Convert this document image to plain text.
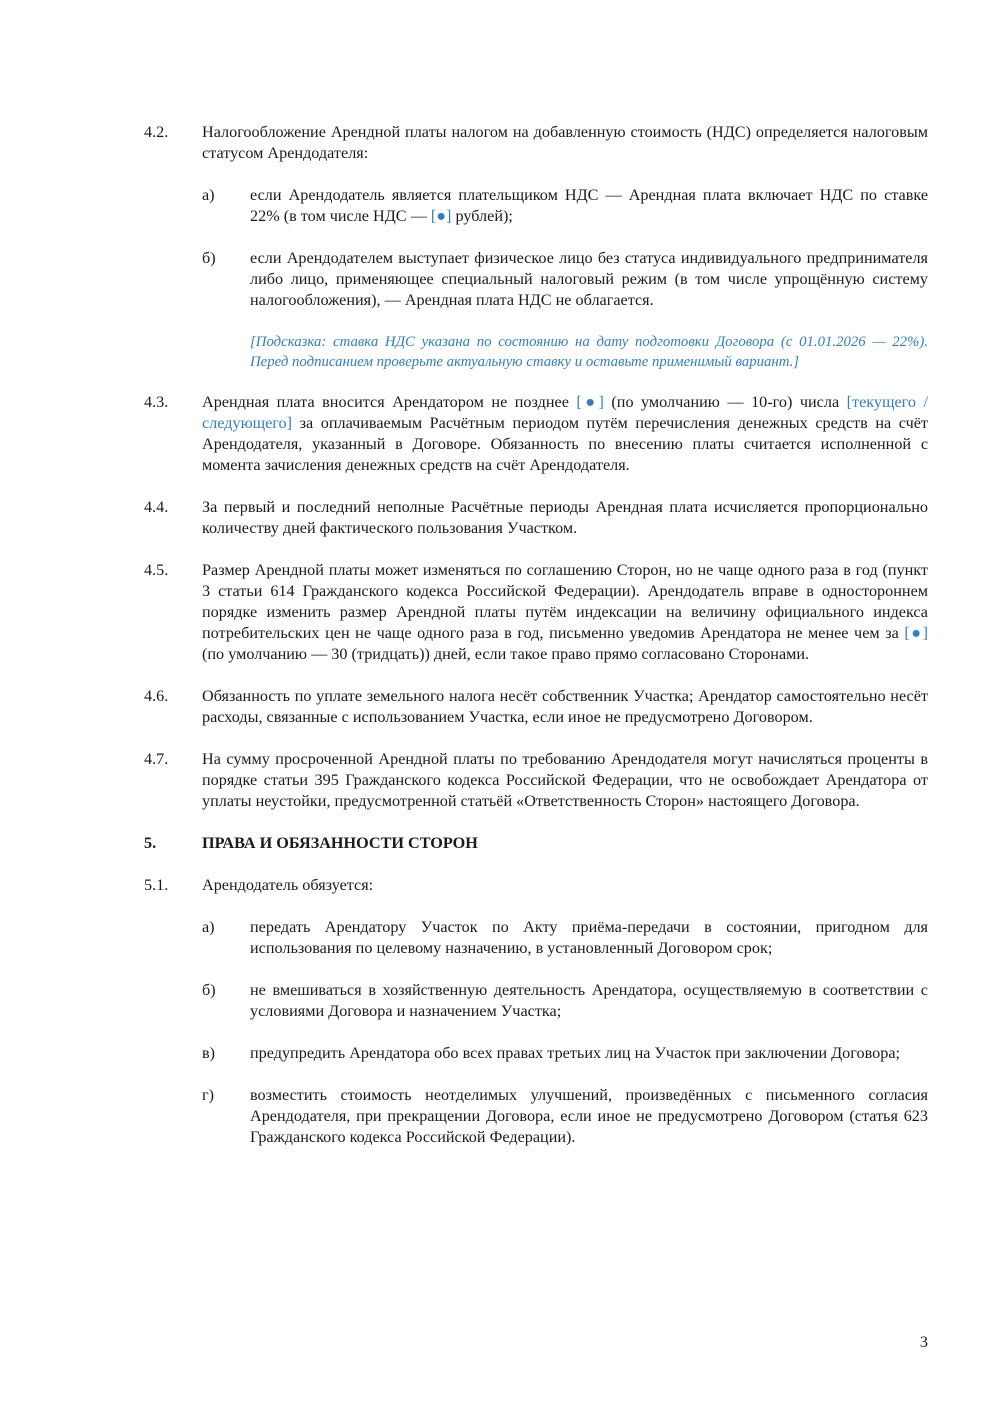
4.2.	Налогообложение Арендной платы налогом на добавленную стоимость (НДС) определяется налоговым статусом Арендодателя:
а)	если Арендодатель является плательщиком НДС — Арендная плата включает НДС по ставке 22% (в том числе НДС — [●] рублей);
б)	если Арендодателем выступает физическое лицо без статуса индивидуального предпринимателя либо лицо, применяющее специальный налоговый режим (в том числе упрощённую систему налогообложения), — Арендная плата НДС не облагается.
[Подсказка: ставка НДС указана по состоянию на дату подготовки Договора (с 01.01.2026 — 22%). Перед подписанием проверьте актуальную ставку и оставьте применимый вариант.]
4.3.	Арендная плата вносится Арендатором не позднее [●] (по умолчанию — 10-го) числа [текущего / следующего] за оплачиваемым Расчётным периодом путём перечисления денежных средств на счёт Арендодателя, указанный в Договоре. Обязанность по внесению платы считается исполненной с момента зачисления денежных средств на счёт Арендодателя.
4.4.	За первый и последний неполные Расчётные периоды Арендная плата исчисляется пропорционально количеству дней фактического пользования Участком.
4.5.	Размер Арендной платы может изменяться по соглашению Сторон, но не чаще одного раза в год (пункт 3 статьи 614 Гражданского кодекса Российской Федерации). Арендодатель вправе в одностороннем порядке изменить размер Арендной платы путём индексации на величину официального индекса потребительских цен не чаще одного раза в год, письменно уведомив Арендатора не менее чем за [●] (по умолчанию — 30 (тридцать)) дней, если такое право прямо согласовано Сторонами.
4.6.	Обязанность по уплате земельного налога несёт собственник Участка; Арендатор самостоятельно несёт расходы, связанные с использованием Участка, если иное не предусмотрено Договором.
4.7.	На сумму просроченной Арендной платы по требованию Арендодателя могут начисляться проценты в порядке статьи 395 Гражданского кодекса Российской Федерации, что не освобождает Арендатора от уплаты неустойки, предусмотренной статьёй «Ответственность Сторон» настоящего Договора.
5.	ПРАВА И ОБЯЗАННОСТИ СТОРОН
5.1.	Арендодатель обязуется:
а)	передать Арендатору Участок по Акту приёма-передачи в состоянии, пригодном для использования по целевому назначению, в установленный Договором срок;
б)	не вмешиваться в хозяйственную деятельность Арендатора, осуществляемую в соответствии с условиями Договора и назначением Участка;
в)	предупредить Арендатора обо всех правах третьих лиц на Участок при заключении Договора;
г)	возместить стоимость неотделимых улучшений, произведённых с письменного согласия Арендодателя, при прекращении Договора, если иное не предусмотрено Договором (статья 623 Гражданского кодекса Российской Федерации).
3
